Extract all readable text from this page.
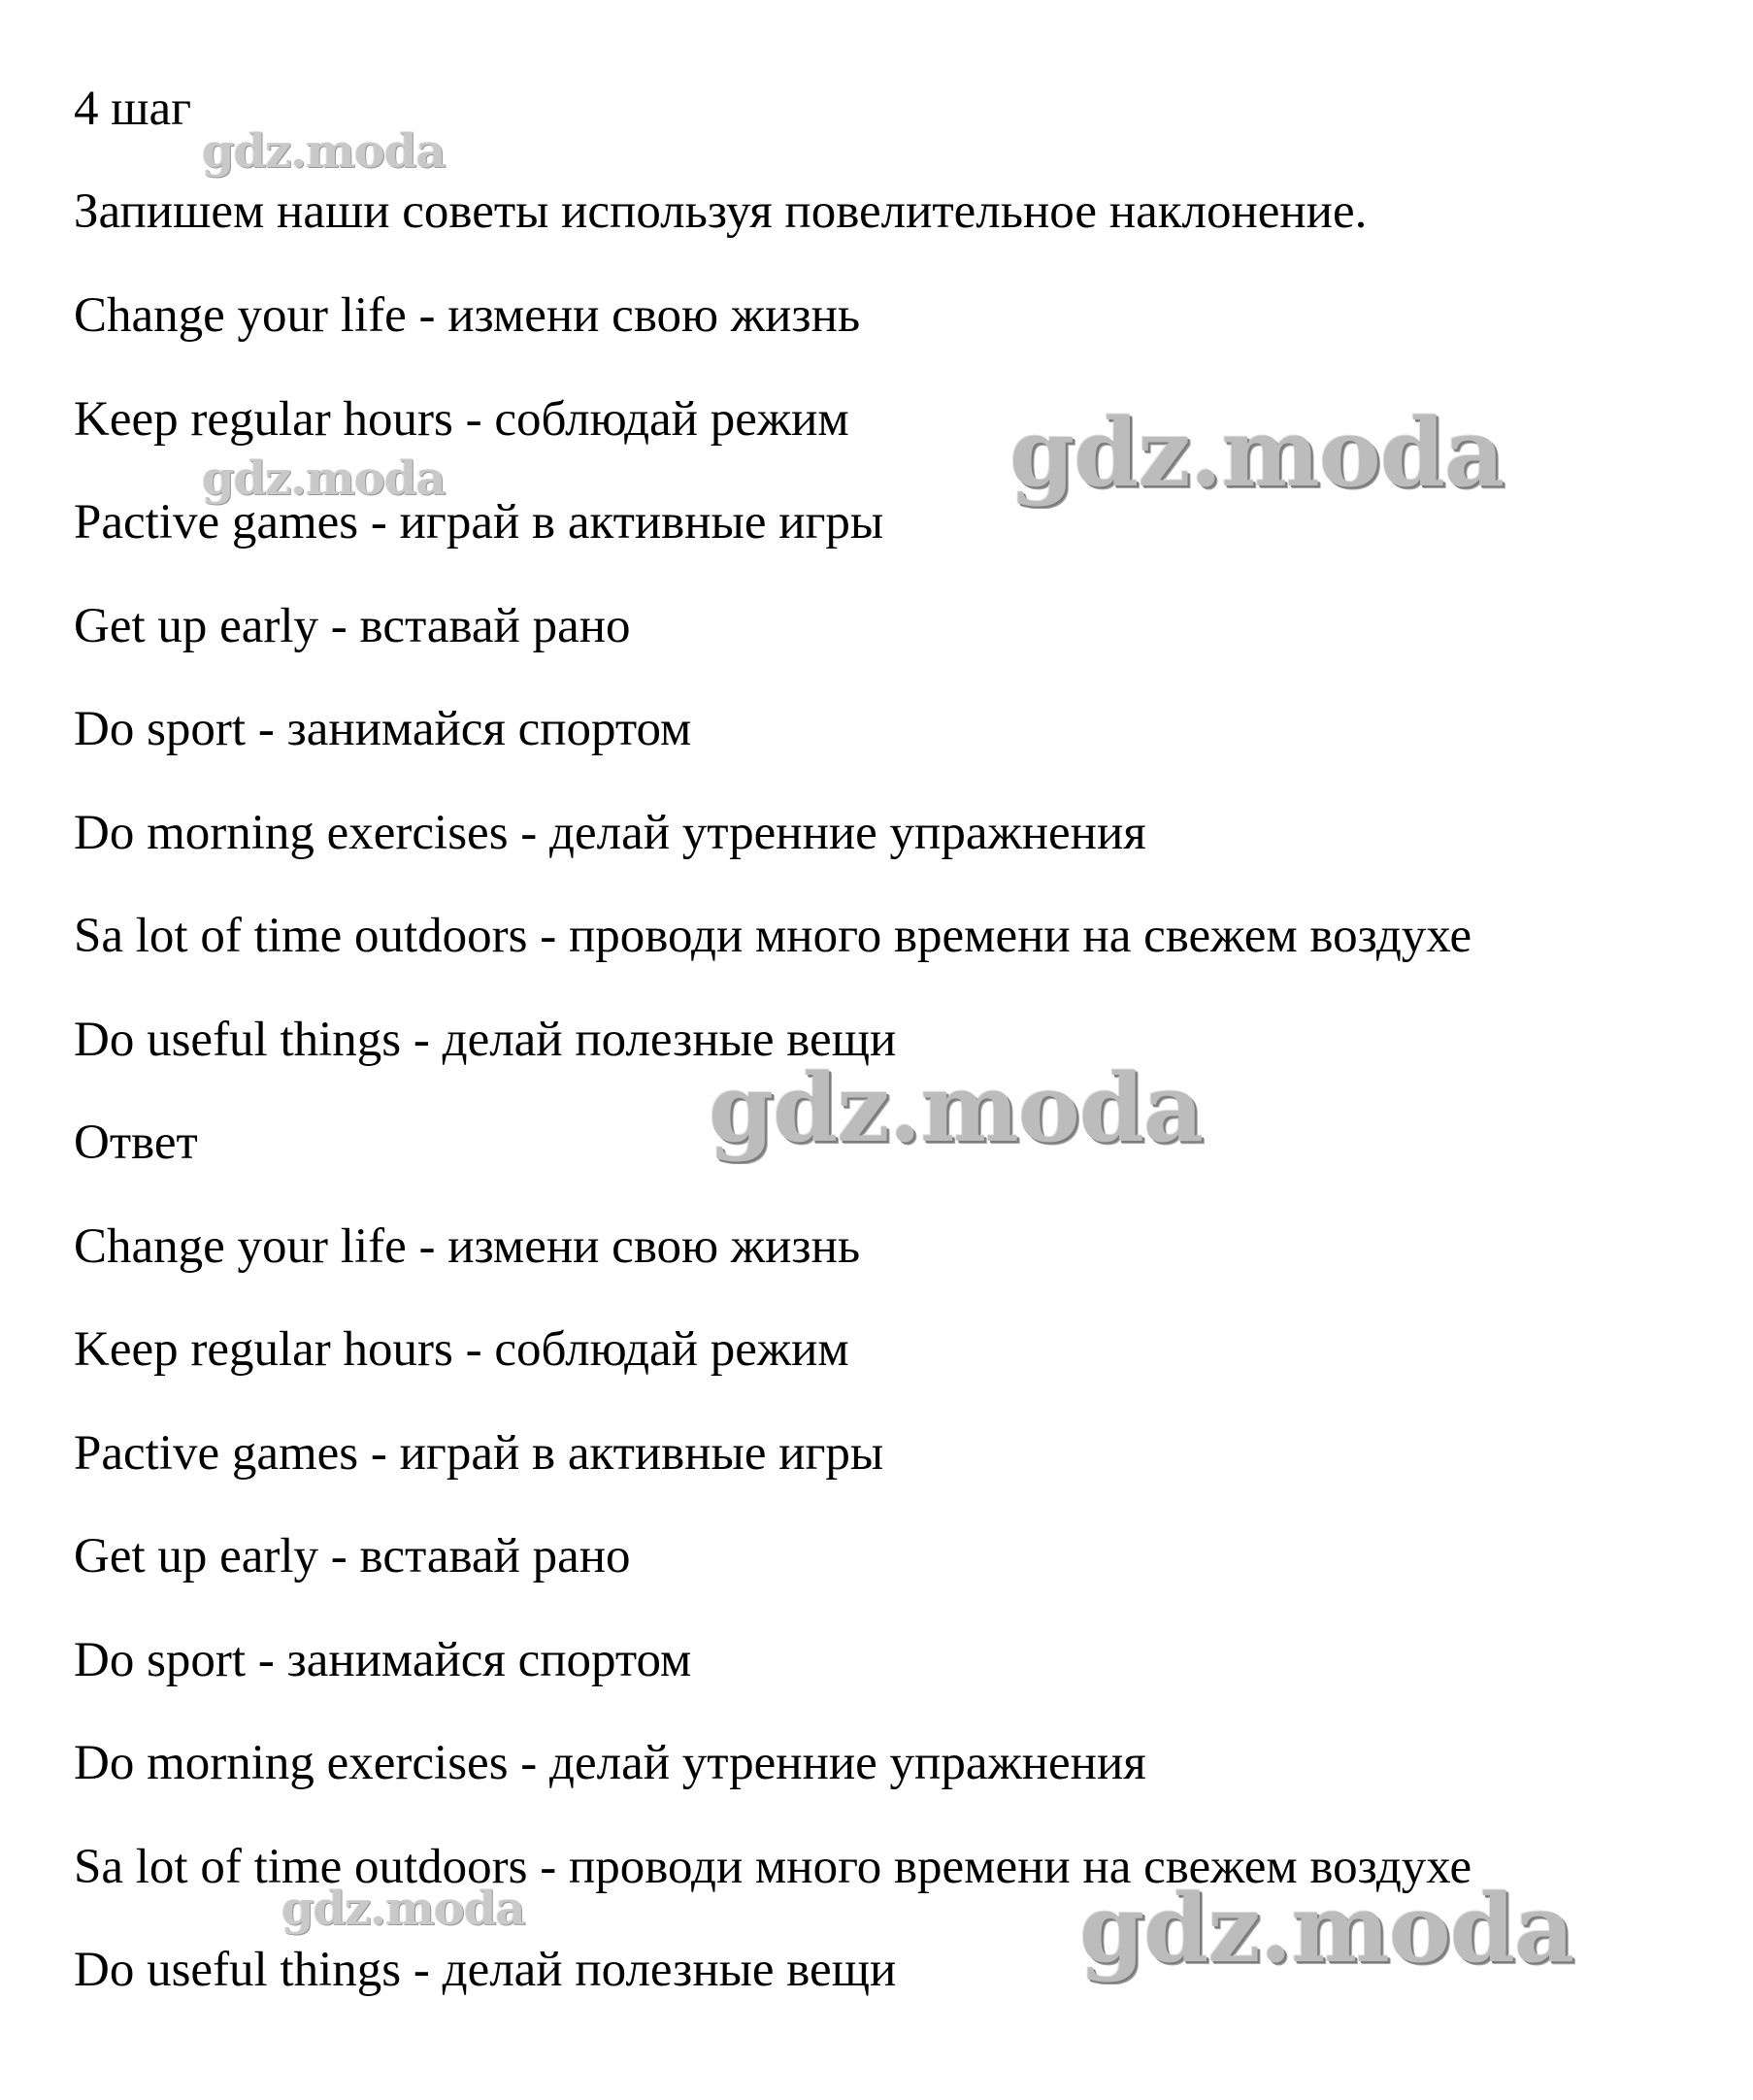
gdz.moda
gdz.moda
gdz.moda
gdz.moda
gdz.moda	gdz.moda
4 шаг
Запишем наши советы используя повелительное наклонение.
Change your life - измени свою жизнь
Keep regular hours - соблюдай режим
Pactive games - играй в активные игры
Get up early - вставай рано
Do sport - занимайся спортом
Do morning exercises - делай утренние упражнения
Sa lot of time outdoors - проводи много времени на свежем воздухе
Do useful things - делай полезные вещи
Ответ
Change your life - измени свою жизнь
Keep regular hours - соблюдай режим
Pactive games - играй в активные игры
Get up early - вставай рано
Do sport - занимайся спортом
Do morning exercises - делай утренние упражнения
Sa lot of time outdoors - проводи много времени на свежем воздухе
Do useful things - делай полезные вещи
